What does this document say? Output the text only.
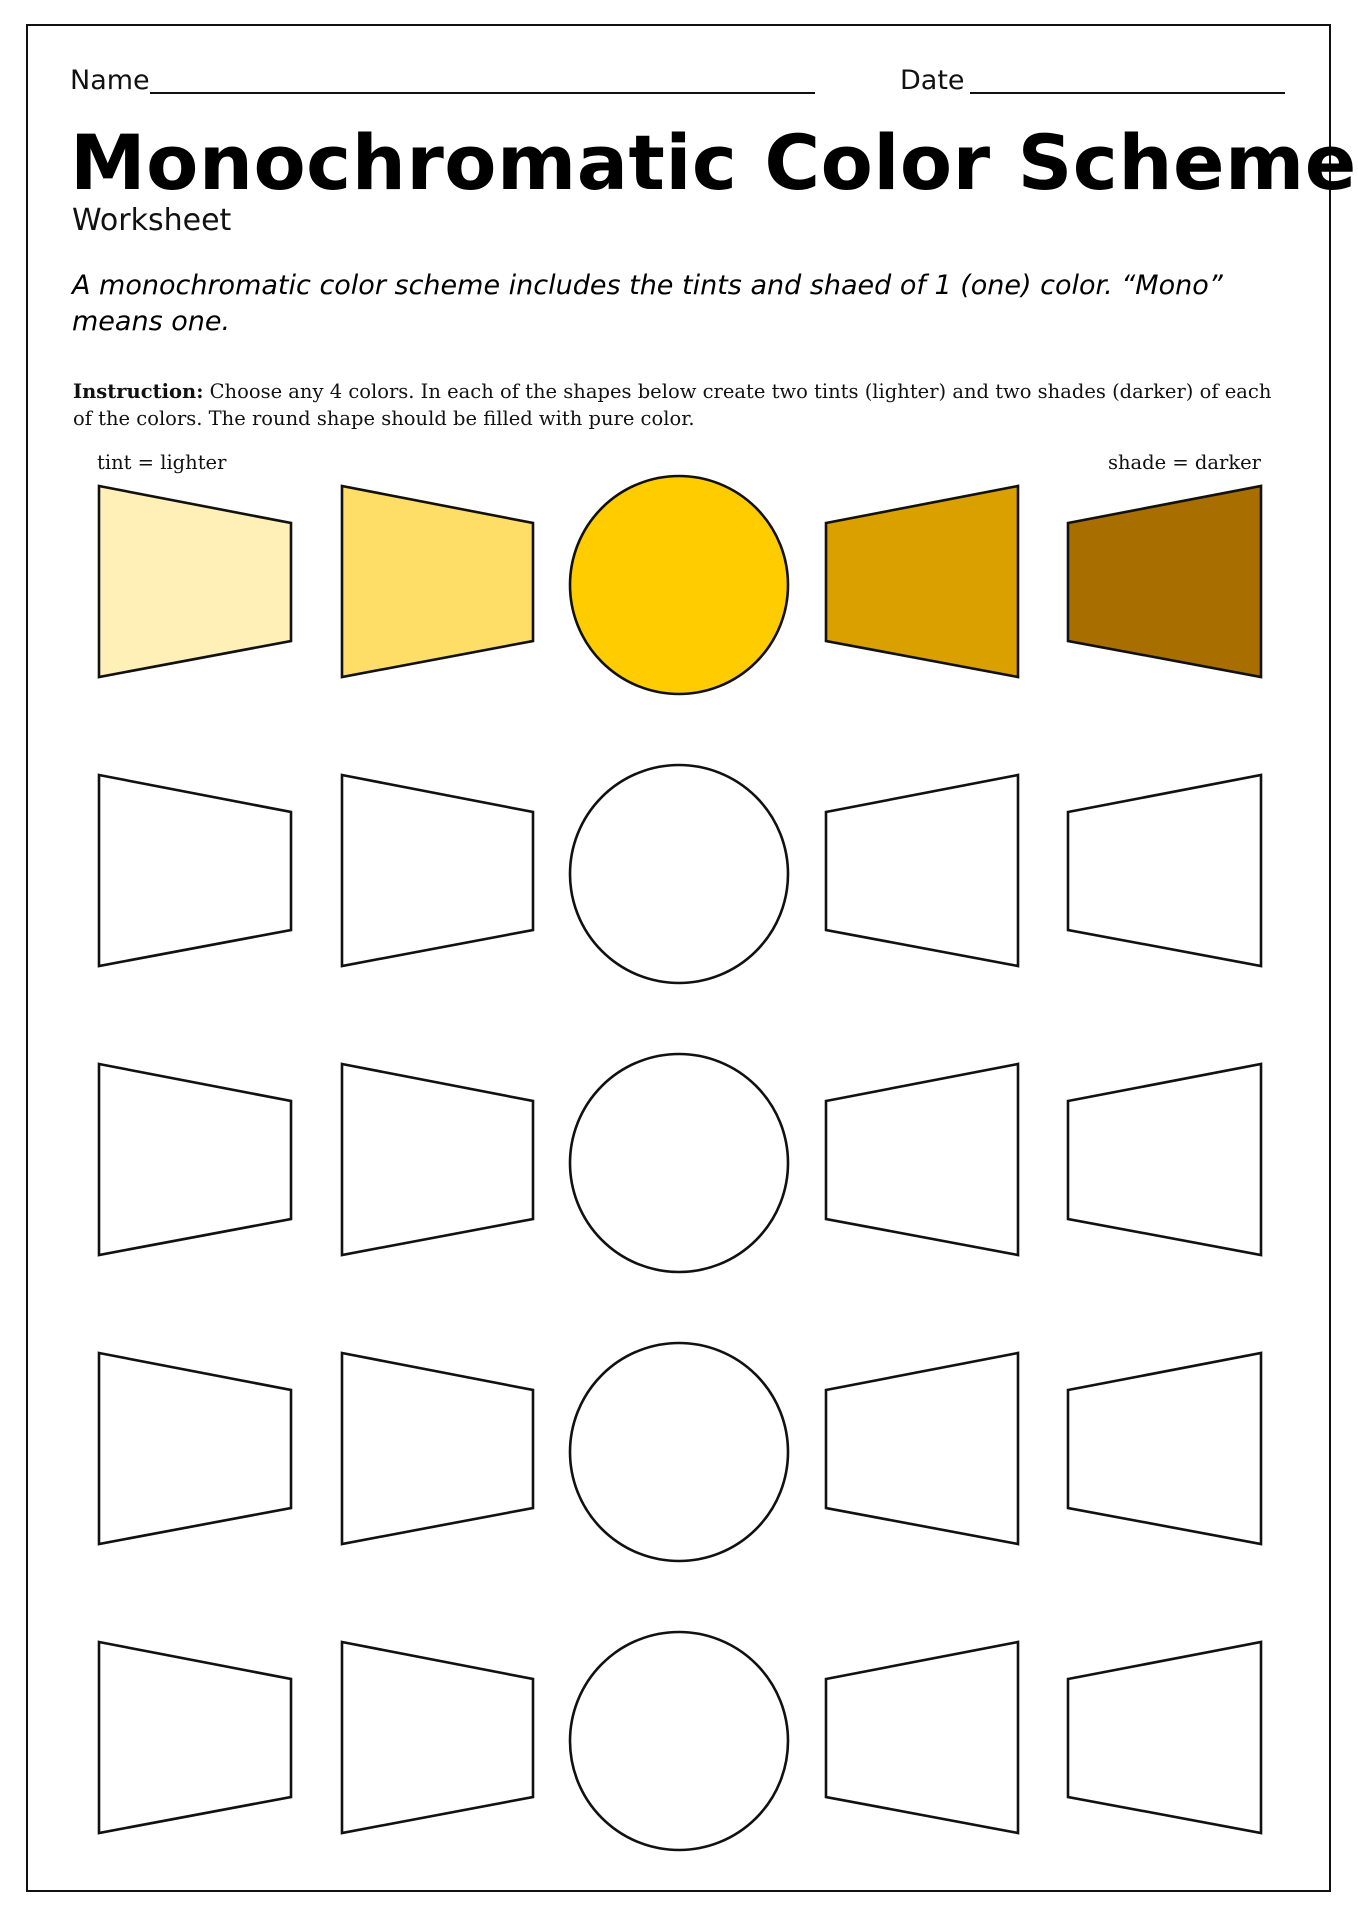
Name	Date
Monochromatic Color Scheme
Worksheet
A monochromatic color scheme includes the tints and shaed of 1 (one) color. “Mono” means one.
Instruction: Choose any 4 colors. In each of the shapes below create two tints (lighter) and two shades (darker) of each of the colors. The round shape should be filled with pure color.
tint = lighter	shade = darker
